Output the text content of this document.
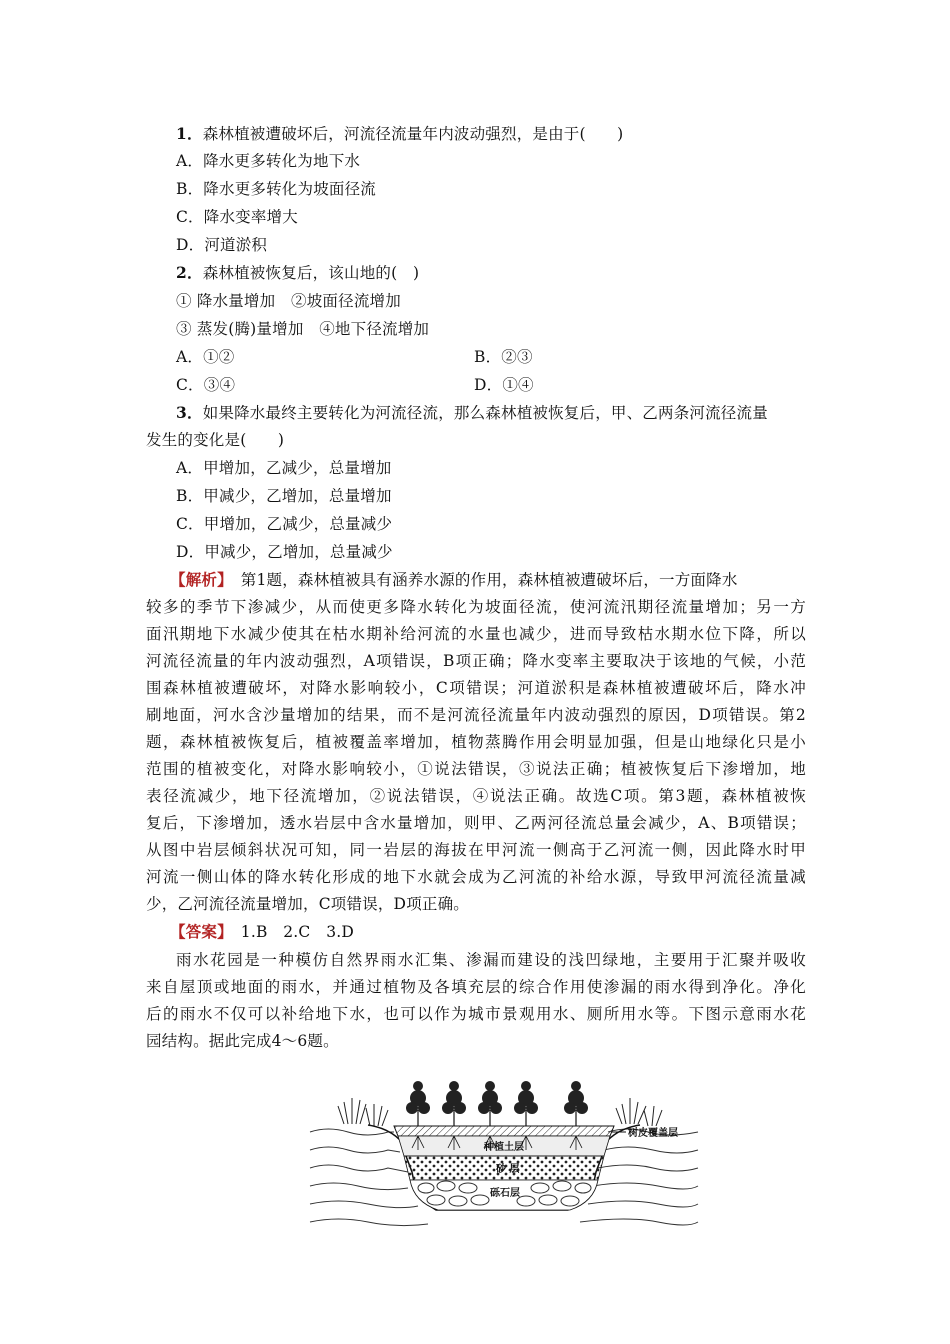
1．森林植被遭破坏后，河流径流量年内波动强烈，是由于(　　)
A．降水更多转化为地下水
B．降水更多转化为坡面径流
C．降水变率增大
D．河道淤积
2．森林植被恢复后，该山地的(　)
① 降水量增加　②坡面径流增加
③ 蒸发(腾)量增加　④地下径流增加
A．①②	B．②③
C．③④	D．①④
3．如果降水最终主要转化为河流径流，那么森林植被恢复后，甲、乙两条河流径流量
发生的变化是(　　)
A．甲增加，乙减少，总量增加
B．甲减少，乙增加，总量增加
C．甲增加，乙减少，总量减少
D．甲减少，乙增加，总量减少
【解析】　第1题，森林植被具有涵养水源的作用，森林植被遭破坏后，一方面降水
较多的季节下渗减少，从而使更多降水转化为坡面径流，使河流汛期径流量增加；另一方
面汛期地下水减少使其在枯水期补给河流的水量也减少，进而导致枯水期水位下降，所以
河流径流量的年内波动强烈，A项错误，B项正确；降水变率主要取决于该地的气候，小范
围森林植被遭破坏，对降水影响较小，C项错误；河道淤积是森林植被遭破坏后，降水冲
刷地面，河水含沙量增加的结果，而不是河流径流量年内波动强烈的原因，D项错误。第2
题，森林植被恢复后，植被覆盖率增加，植物蒸腾作用会明显加强，但是山地绿化只是小
范围的植被变化，对降水影响较小，①说法错误，③说法正确；植被恢复后下渗增加，地
表径流减少，地下径流增加，②说法错误，④说法正确。故选C项。第3题，森林植被恢
复后，下渗增加，透水岩层中含水量增加，则甲、乙两河径流总量会减少，A、B项错误；
从图中岩层倾斜状况可知，同一岩层的海拔在甲河流一侧高于乙河流一侧，因此降水时甲
河流一侧山体的降水转化形成的地下水就会成为乙河流的补给水源，导致甲河流径流量减
少，乙河流径流量增加，C项错误，D项正确。
【答案】　1.B　2.C　3.D
雨水花园是一种模仿自然界雨水汇集、渗漏而建设的浅凹绿地，主要用于汇聚并吸收
来自屋顶或地面的雨水，并通过植物及各填充层的综合作用使渗漏的雨水得到净化。净化
后的雨水不仅可以补给地下水，也可以作为城市景观用水、厕所用水等。下图示意雨水花
园结构。据此完成4～6题。
树皮覆盖层
种植土层
砂 层
砾石层
